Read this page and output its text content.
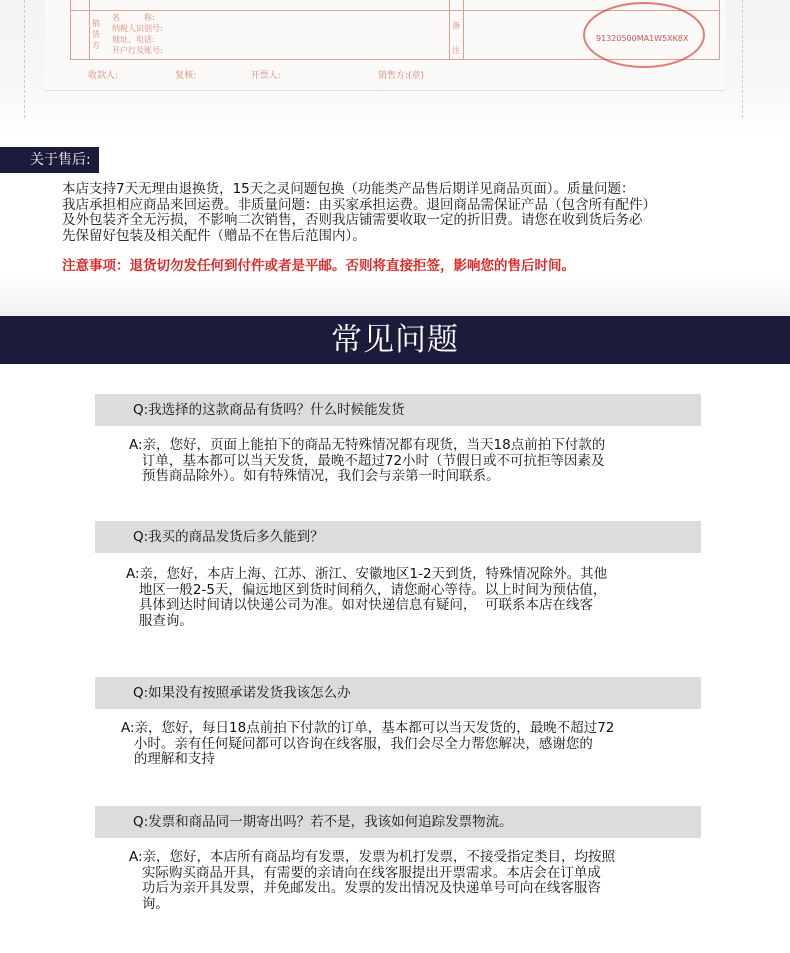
销
货
方
名　　　称:
纳税人识别号:
地址、电话:
开户行及账号:
备
注
收款人:                    复核:                   开票人:                                  销售方:(章)
91320500MA1W5XK8X
关于售后:
本店支持7天无理由退换货，15天之灵问题包换（功能类产品售后期详见商品页面）。质量问题：
我店承担相应商品来回运费。非质量问题：由买家承担运费。退回商品需保证产品（包含所有配件）
及外包装齐全无污损，不影响二次销售，否则我店铺需要收取一定的折旧费。请您在收到货后务必
先保留好包装及相关配件（赠品不在售后范围内）。
注意事项：退货切勿发任何到付件或者是平邮。否则将直接拒签，影响您的售后时间。
常见问题
Q:我选择的这款商品有货吗？什么时候能发货
A:亲，您好，页面上能拍下的商品无特殊情况都有现货，当天18点前拍下付款的
订单，基本都可以当天发货，最晚不超过72小时（节假日或不可抗拒等因素及
预售商品除外）。如有特殊情况，我们会与亲第一时间联系。
Q:我买的商品发货后多久能到？
A:亲，您好，本店上海、江苏、浙江、安徽地区1-2天到货，特殊情况除外。其他
地区一般2-5天，偏远地区到货时间稍久，请您耐心等待。以上时间为预估值，
具体到达时间请以快递公司为准。如对快递信息有疑问，  可联系本店在线客
服查询。
Q:如果没有按照承诺发货我该怎么办
A:亲，您好，每日18点前拍下付款的订单，基本都可以当天发货的，最晚不超过72
小时。亲有任何疑问都可以咨询在线客服，我们会尽全力帮您解决，感谢您的
的理解和支持
Q:发票和商品同一期寄出吗？若不是，我该如何追踪发票物流。
A:亲，您好，本店所有商品均有发票，发票为机打发票，不接受指定类目，均按照
实际购买商品开具，有需要的亲请向在线客服提出开票需求。本店会在订单成
功后为亲开具发票，并免邮发出。发票的发出情况及快递单号可向在线客服咨
询。
